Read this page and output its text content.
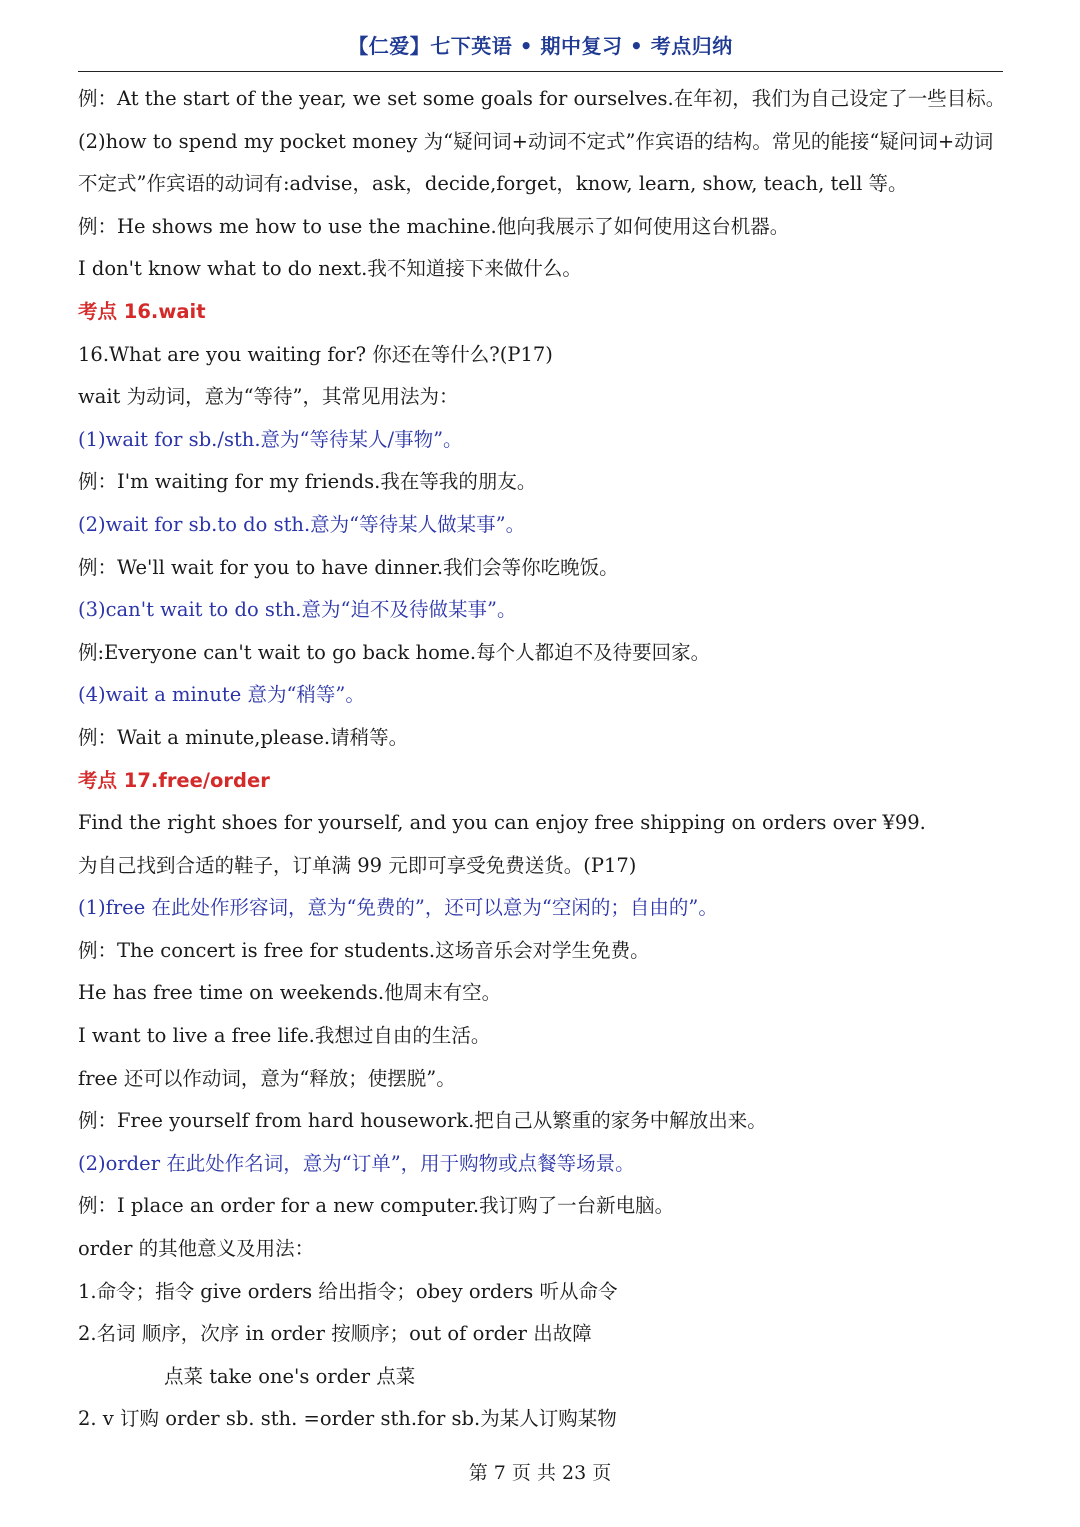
【仁爱】七下英语 • 期中复习 • 考点归纳
例：At the start of the year, we set some goals for ourselves.在年初，我们为自己设定了一些目标。
(2)how to spend my pocket money 为“疑问词+动词不定式”作宾语的结构。常见的能接“疑问词+动词
不定式”作宾语的动词有:advise，ask，decide,forget，know, learn, show, teach, tell 等。
例：He shows me how to use the machine.他向我展示了如何使用这台机器。
I don't know what to do next.我不知道接下来做什么。
考点 16.wait
16.What are you waiting for? 你还在等什么?(P17)
wait 为动词，意为“等待”，其常见用法为：
(1)wait for sb./sth.意为“等待某人/事物”。
例：I'm waiting for my friends.我在等我的朋友。
(2)wait for sb.to do sth.意为“等待某人做某事”。
例：We'll wait for you to have dinner.我们会等你吃晚饭。
(3)can't wait to do sth.意为“迫不及待做某事”。
例:Everyone can't wait to go back home.每个人都迫不及待要回家。
(4)wait a minute 意为“稍等”。
例：Wait a minute,please.请稍等。
考点 17.free/order
Find the right shoes for yourself, and you can enjoy free shipping on orders over ¥99.
为自己找到合适的鞋子，订单满 99 元即可享受免费送货。(P17)
(1)free 在此处作形容词，意为“免费的”，还可以意为“空闲的；自由的”。
例：The concert is free for students.这场音乐会对学生免费。
He has free time on weekends.他周末有空。
I want to live a free life.我想过自由的生活。
free 还可以作动词，意为“释放；使摆脱”。
例：Free yourself from hard housework.把自己从繁重的家务中解放出来。
(2)order 在此处作名词，意为“订单”，用于购物或点餐等场景。
例：I place an order for a new computer.我订购了一台新电脑。
order 的其他意义及用法：
1.命令；指令 give orders 给出指令；obey orders 听从命令
2.名词 顺序，次序 in order 按顺序；out of order 出故障
点菜 take one's order 点菜
2. v 订购 order sb. sth. =order sth.for sb.为某人订购某物
第 7 页 共 23 页
